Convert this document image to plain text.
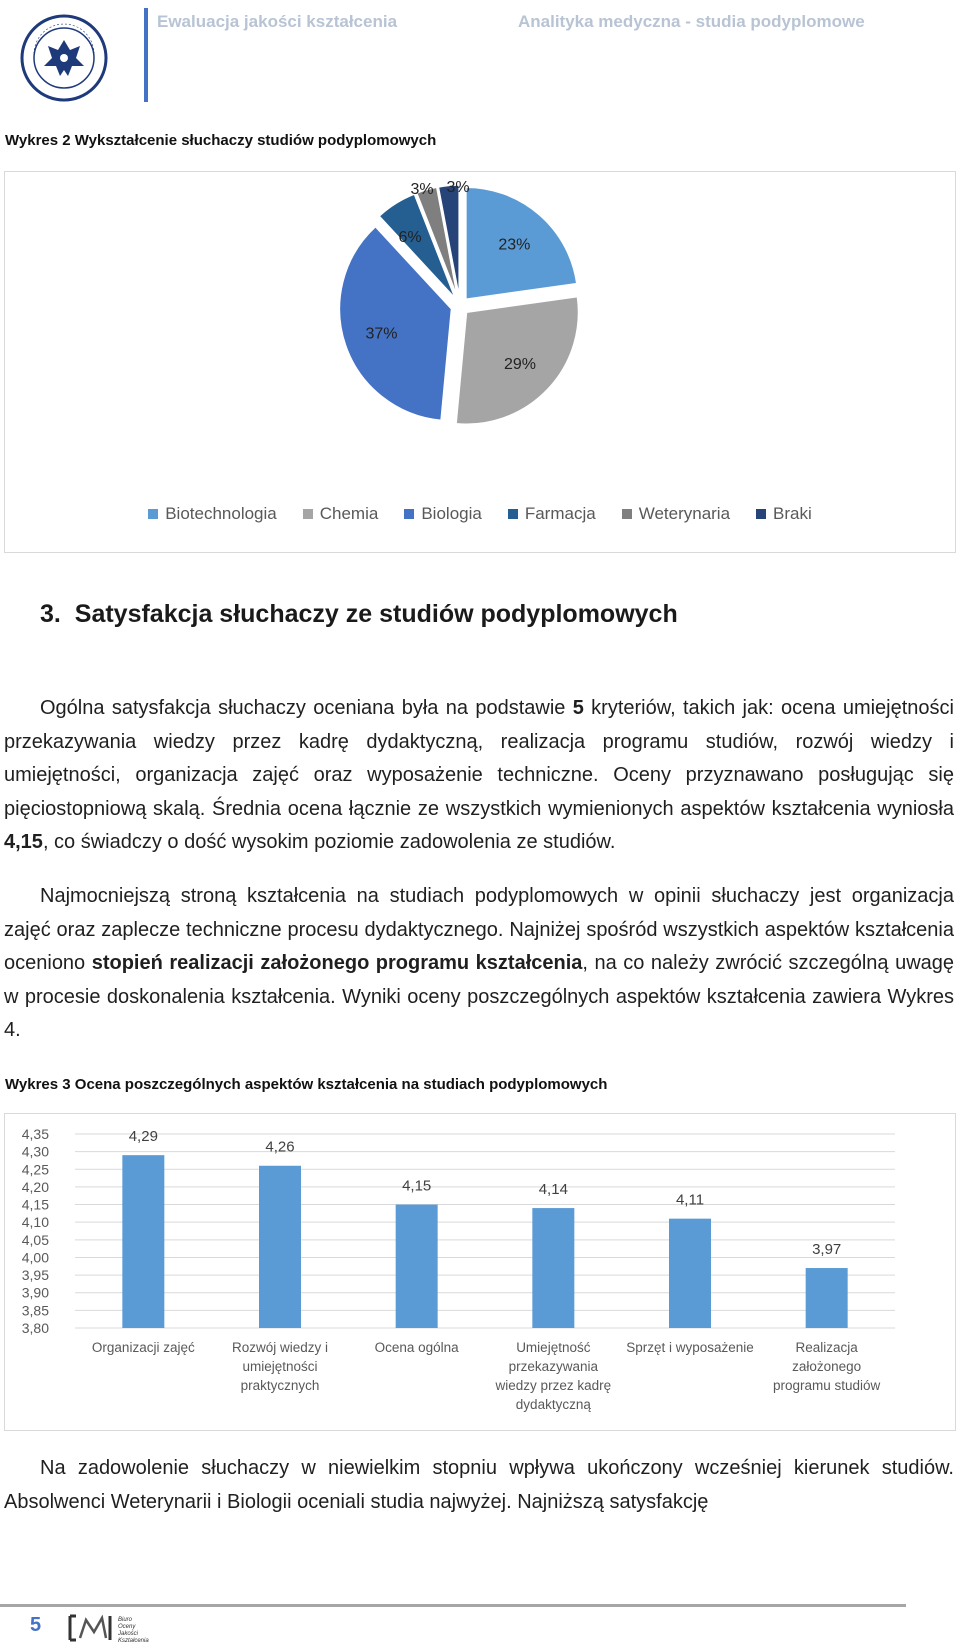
Ewaluacja jakości kształcenia	Analityka medyczna - studia podyplomowe
Wykres 2 Wykształcenie słuchaczy studiów podyplomowych
23%
29%
37%
6%
3% 3%
Biotechnologia	Chemia	Biologia	Farmacja	Weterynaria	Braki
3. Satysfakcja słuchaczy ze studiów podyplomowych
Ogólna satysfakcja słuchaczy oceniana była na podstawie 5 kryteriów, takich jak: ocena umiejętności przekazywania wiedzy przez kadrę dydaktyczną, realizacja programu studiów, rozwój wiedzy i umiejętności, organizacja zajęć oraz wyposażenie techniczne. Oceny przyznawano posługując się pięciostopniową skalą. Średnia ocena łącznie ze wszystkich wymienionych aspektów kształcenia wyniosła 4,15, co świadczy o dość wysokim poziomie zadowolenia ze studiów.
Najmocniejszą stroną kształcenia na studiach podyplomowych w opinii słuchaczy jest organizacja zajęć oraz zaplecze techniczne procesu dydaktycznego. Najniżej spośród wszystkich aspektów kształcenia oceniono stopień realizacji założonego programu kształcenia, na co należy zwrócić szczególną uwagę w procesie doskonalenia kształcenia. Wyniki oceny poszczególnych aspektów kształcenia zawiera Wykres 4.
Wykres 3 Ocena poszczególnych aspektów kształcenia na studiach podyplomowych
4,35
4,30
4,25
4,20
4,15
4,10
4,05
4,00
3,95
3,90
3,85
3,80
4,29
Organizacji zajęć
4,26
Rozwój wiedzy i umiejętności praktycznych
4,15
Ocena ogólna
4,14
Umiejętność przekazywania wiedzy przez kadrę dydaktyczną
4,11
Sprzęt i wyposażenie
3,97
Realizacja założonego programu studiów
Na zadowolenie słuchaczy w niewielkim stopniu wpływa ukończony wcześniej kierunek studiów. Absolwenci Weterynarii i Biologii oceniali studia najwyżej. Najniższą satysfakcję
5	Biuro
Oceny
Jakości
Kształcenia
